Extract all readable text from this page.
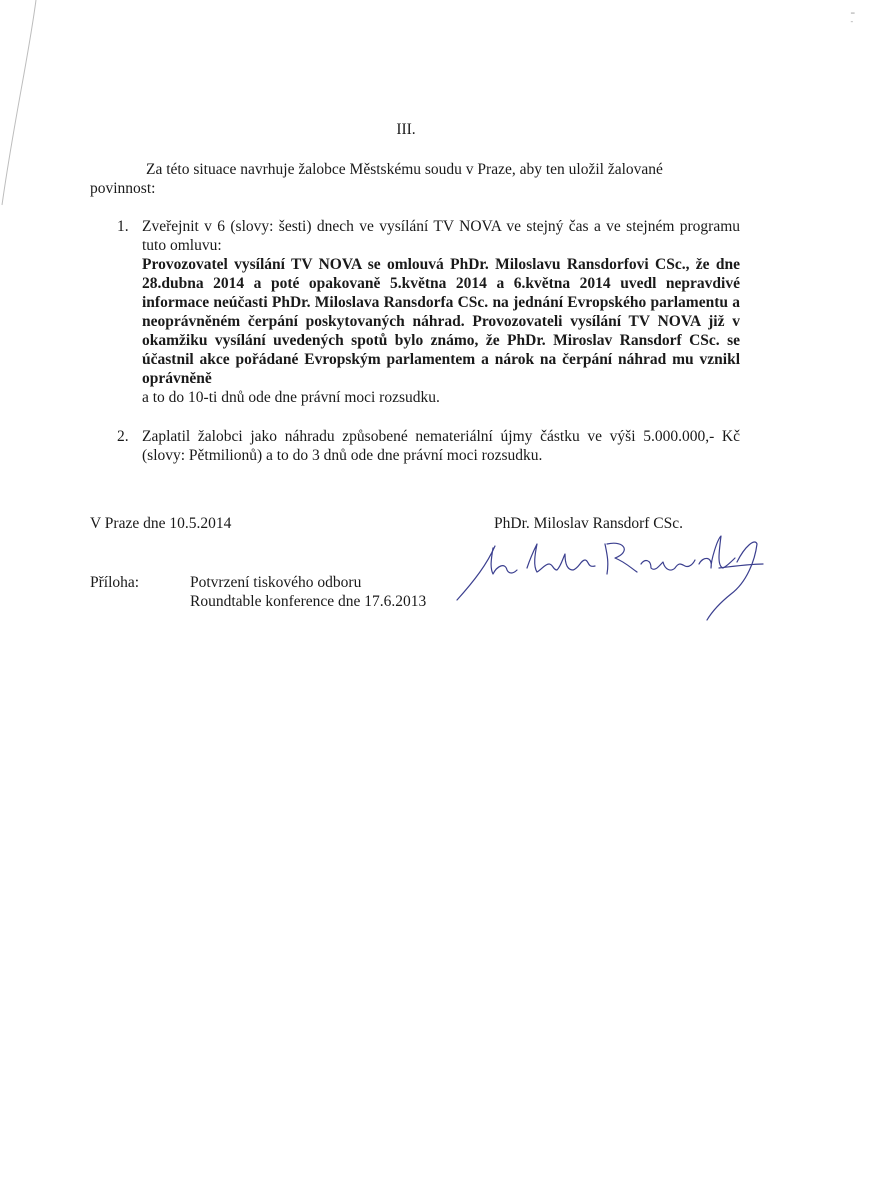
=
-
III.
Za této situace navrhuje žalobce Městskému soudu v Praze, aby ten uložil žalované
povinnost:
1. Zveřejnit v 6 (slovy: šesti) dnech ve vysílání TV NOVA ve stejný čas a ve stejném programu tuto omluvu:
Provozovatel vysílání TV NOVA se omlouvá PhDr. Miloslavu Ransdorfovi CSc., že dne 28.dubna 2014 a poté opakovaně 5.května 2014 a 6.května 2014 uvedl nepravdivé informace neúčasti PhDr. Miloslava Ransdorfa CSc. na jednání Evropského parlamentu a neoprávněném čerpání poskytovaných náhrad. Provozovateli vysílání TV NOVA již v okamžiku vysílání uvedených spotů bylo známo, že PhDr. Miroslav Ransdorf CSc. se účastnil akce pořádané Evropským parlamentem a nárok na čerpání náhrad mu vznikl oprávněně
a to do 10-ti dnů ode dne právní moci rozsudku.
2. Zaplatil žalobci jako náhradu způsobené nemateriální újmy částku ve výši 5.000.000,- Kč (slovy: Pětmilionů) a to do 3 dnů ode dne právní moci rozsudku.
V Praze dne 10.5.2014	PhDr. Miloslav Ransdorf CSc.
Příloha:	Potvrzení tiskového odboru
Roundtable konference dne 17.6.2013
